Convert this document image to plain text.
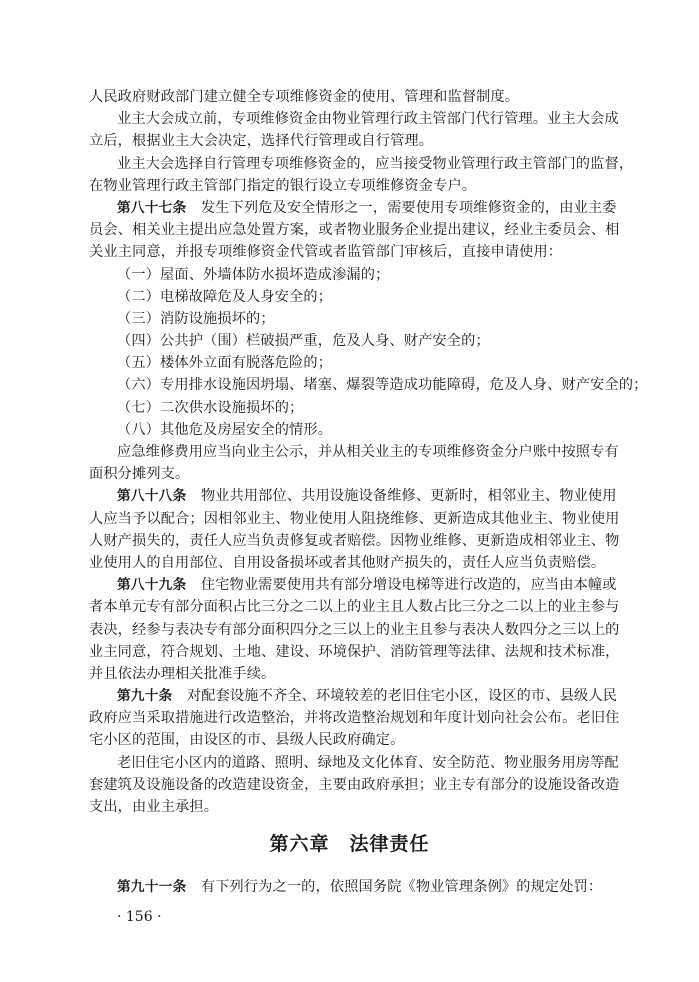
人民政府财政部门建立健全专项维修资金的使用、管理和监督制度。
业主大会成立前，专项维修资金由物业管理行政主管部门代行管理。业主大会成
立后，根据业主大会决定，选择代行管理或自行管理。
业主大会选择自行管理专项维修资金的，应当接受物业管理行政主管部门的监督，
在物业管理行政主管部门指定的银行设立专项维修资金专户。
第八十七条　 发生下列危及安全情形之一，需要使用专项维修资金的，由业主委
员会、相关业主提出应急处置方案，或者物业服务企业提出建议，经业主委员会、相
关业主同意，并报专项维修资金代管或者监管部门审核后，直接申请使用：
（一）屋面、外墙体防水损坏造成渗漏的；
（二）电梯故障危及人身安全的；
（三）消防设施损坏的；
（四）公共护（围）栏破损严重，危及人身、财产安全的；
（五）楼体外立面有脱落危险的；
（六）专用排水设施因坍塌、堵塞、爆裂等造成功能障碍，危及人身、财产安全的；
（七）二次供水设施损坏的；
（八）其他危及房屋安全的情形。
应急维修费用应当向业主公示，并从相关业主的专项维修资金分户账中按照专有
面积分摊列支。
第八十八条　 物业共用部位、共用设施设备维修、更新时，相邻业主、物业使用
人应当予以配合；因相邻业主、物业使用人阻挠维修、更新造成其他业主、物业使用
人财产损失的，责任人应当负责修复或者赔偿。因物业维修、更新造成相邻业主、物
业使用人的自用部位、自用设备损坏或者其他财产损失的，责任人应当负责赔偿。
第八十九条　 住宅物业需要使用共有部分增设电梯等进行改造的，应当由本幢或
者本单元专有部分面积占比三分之二以上的业主且人数占比三分之二以上的业主参与
表决，经参与表决专有部分面积四分之三以上的业主且参与表决人数四分之三以上的
业主同意，符合规划、土地、建设、环境保护、消防管理等法律、法规和技术标准，
并且依法办理相关批准手续。
第九十条　 对配套设施不齐全、环境较差的老旧住宅小区，设区的市、县级人民
政府应当采取措施进行改造整治，并将改造整治规划和年度计划向社会公布。老旧住
宅小区的范围，由设区的市、县级人民政府确定。
老旧住宅小区内的道路、照明、绿地及文化体育、安全防范、物业服务用房等配
套建筑及设施设备的改造建设资金，主要由政府承担；业主专有部分的设施设备改造
支出，由业主承担。
第六章　法律责任
第九十一条　 有下列行为之一的，依照国务院《物业管理条例》的规定处罚：
· 156 ·
